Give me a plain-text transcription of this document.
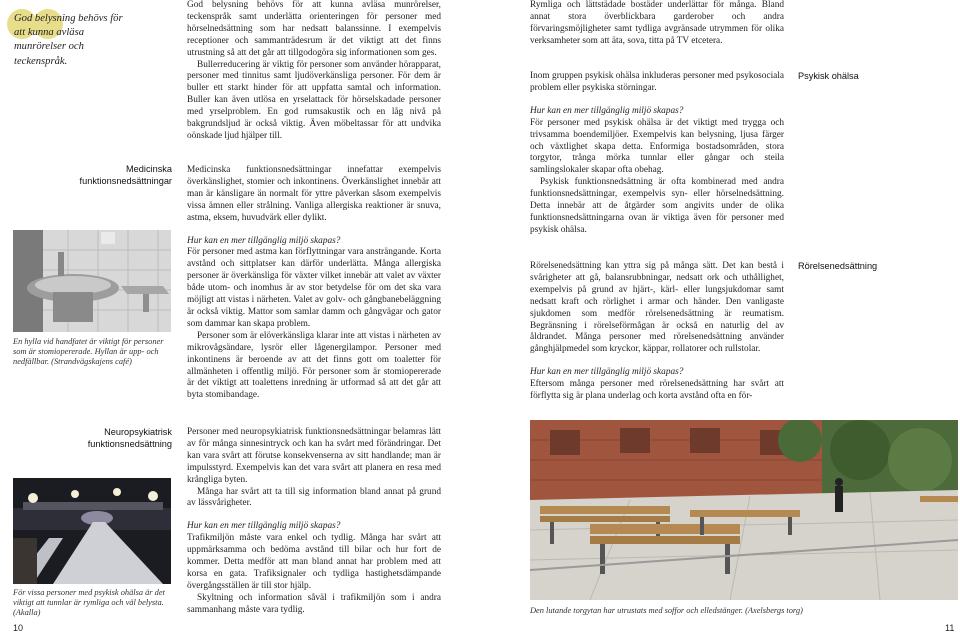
God belysning behövs för att kunna avläsa munrörelser och teckenspråk.
Medicinska funktionsnedsättningar
En hylla vid handfatet är viktigt för personer som är stomiopererade. Hyllan är upp- och nedfällbar. (Strandvägskajens café)
Neuropsykiatrisk funktionsnedsättning
För vissa personer med psykisk ohälsa är det viktigt att tunnlar är rymliga och väl belysta. (Akalla)
10

God belysning behövs för att kunna avläsa munrörelser, teckenspråk samt underlätta orienteringen för personer med hörselnedsättning som har nedsatt balanssinne. I exempelvis receptioner och sammanträdesrum är det viktigt att det finns utrustning så att det går att tillgodogöra sig informationen som ges.

Bullerreducering är viktig för personer som använder hörapparat, personer med tinnitus samt ljudöverkänsliga personer. För dem är buller ett starkt hinder för att uppfatta samtal och information. Buller kan även utlösa en yrselattack för hörselskadade personer med yrselproblem. En god rumsakustik och en låg nivå på bakgrundsljud är också viktig. Även möbeltassar för att undvika oönskade ljud hjälper till.

Medicinska funktionsnedsättningar innefattar exempelvis överkänslighet, stomier och inkontinens. Överkänslighet innebär att man är känsligare än normalt för yttre påverkan såsom exempelvis vissa ämnen eller strålning. Vanliga allergiska reaktioner är snuva, astma, eksem, huvudvärk eller dylikt.

Hur kan en mer tillgänglig miljö skapas?

För personer med astma kan förflyttningar vara ansträngande. Korta avstånd och sittplatser kan därför underlätta. Många allergiska personer är överkänsliga för växter vilket innebär att valet av växter både utom- och inomhus är av stor betydelse för om det ska vara möjligt att vistas i närheten. Valet av golv- och gångbanebeläggning är också viktig. Mattor som samlar damm och gångvägar och gator som dammar kan skapa problem.

Personer som är elöverkänsliga klarar inte att vistas i närheten av mikrovågsändare, lysrör eller lågenergilampor. Personer med inkontinens är beroende av att det finns gott om toaletter för allmänheten i offentlig miljö. För personer som är stomiopererade är det viktigt att toalettens inredning är utformad så att det går att byta stomibandage.

Personer med neuropsykiatrisk funktionsnedsättningar belamras lätt av för många sinnesintryck och kan ha svårt med förändringar. Det kan vara svårt att förutse konsekvenserna av sitt handlande; man är impulsstyrd. Exempelvis kan det vara svårt att planera en resa med krångliga byten.

Många har svårt att ta till sig information bland annat på grund av lässvårigheter.

Hur kan en mer tillgänglig miljö skapas?

Trafikmiljön måste vara enkel och tydlig. Många har svårt att uppmärksamma och bedöma avstånd till bilar och hur fort de kommer. Detta medför att man bland annat har problem med att korsa en gata. Trafiksignaler och tydliga hastighetsdämpande övergångsställen är till stor hjälp.

Skyltning och information såväl i trafikmiljön som i andra sammanhang måste vara tydlig.

Rymliga och lättstädade bostäder underlättar för många. Bland annat stora överblickbara garderober och andra förvaringsmöjligheter samt tydliga avgränsade utrymmen för olika verksamheter som att äta, sova, titta på TV etcetera.

Inom gruppen psykisk ohälsa inkluderas personer med psykosociala problem eller psykiska störningar.

Hur kan en mer tillgänglig miljö skapas?

För personer med psykisk ohälsa är det viktigt med trygga och trivsamma boendemiljöer. Exempelvis kan belysning, ljusa färger och växtlighet skapa detta. Enformiga bostadsområden, stora torgytor, trånga mörka tunnlar eller gångar och steila samlingslokaler skapar ofta obehag.

Psykisk funktionsnedsättning är ofta kombinerad med andra funktionsnedsättningar, exempelvis syn- eller hörselnedsättning. Detta innebär att de åtgärder som angivits under de olika funktionsnedsättningarna ovan är viktiga även för personer med psykisk ohälsa.

Rörelsenedsättning kan yttra sig på många sätt. Det kan bestå i svårigheter att gå, balansrubbningar, nedsatt ork och uthållighet, exempelvis på grund av hjärt-, kärl- eller lungsjukdomar samt nedsatt kraft och rörlighet i armar och händer. Den vanligaste sjukdomen som medför rörelsenedsättning är reumatism. Begränsning i rörelseförmågan är också en naturlig del av åldrandet. Många personer med rörelsenedsättning använder gånghjälpmedel som kryckor, käppar, rollatorer och rullstolar.

Hur kan en mer tillgänglig miljö skapas?

Eftersom många personer med rörelsenedsättning har svårt att förflytta sig är plana underlag och korta avstånd ofta en för-

Psykisk ohälsa
Rörelsenedsättning
Den lutande torgytan har utrustats med soffor och elledstänger. (Axelsbergs torg)
11
